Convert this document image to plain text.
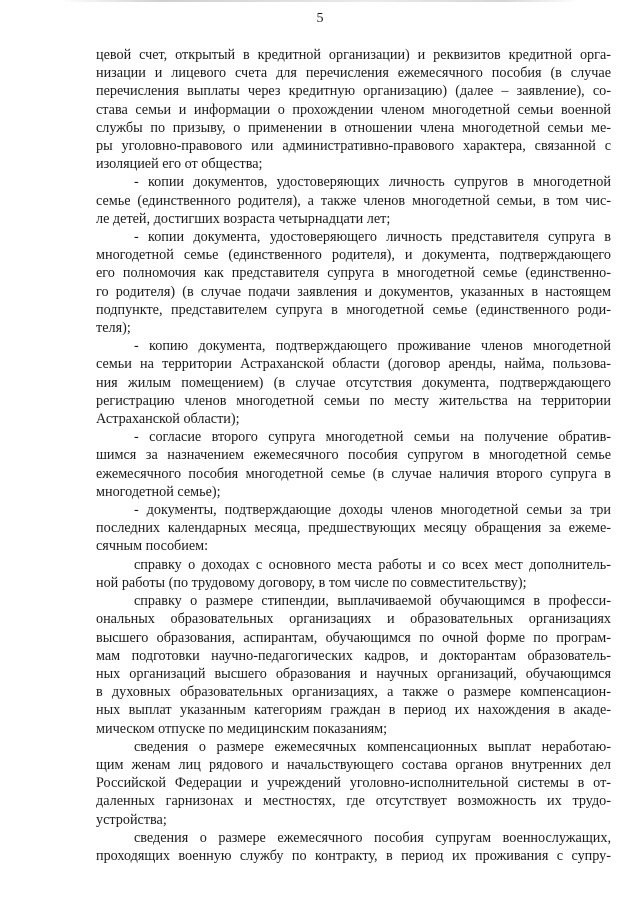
5
цевой счет, открытый в кредитной организации) и реквизитов кредитной орга-
низации и лицевого счета для перечисления ежемесячного пособия (в случае
перечисления выплаты через кредитную организацию) (далее – заявление), со-
става семьи и информации о прохождении членом многодетной семьи военной
службы по призыву, о применении в отношении члена многодетной семьи ме-
ры уголовно-правового или административно-правового характера, связанной с
изоляцией его от общества;
- копии документов, удостоверяющих личность супругов в многодетной
семье (единственного родителя), а также членов многодетной семьи, в том чис-
ле детей, достигших возраста четырнадцати лет;
- копии документа, удостоверяющего личность представителя супруга в
многодетной семье (единственного родителя), и документа, подтверждающего
его полномочия как представителя супруга в многодетной семье (единственно-
го родителя) (в случае подачи заявления и документов, указанных в настоящем
подпункте, представителем супруга в многодетной семье (единственного роди-
теля);
- копию документа, подтверждающего проживание членов многодетной
семьи на территории Астраханской области (договор аренды, найма, пользова-
ния жилым помещением) (в случае отсутствия документа, подтверждающего
регистрацию членов многодетной семьи по месту жительства на территории
Астраханской области);
- согласие второго супруга многодетной семьи на получение обратив-
шимся за назначением ежемесячного пособия супругом в многодетной семье
ежемесячного пособия многодетной семье (в случае наличия второго супруга в
многодетной семье);
- документы, подтверждающие доходы членов многодетной семьи за три
последних календарных месяца, предшествующих месяцу обращения за ежеме-
сячным пособием:
справку о доходах с основного места работы и со всех мест дополнитель-
ной работы (по трудовому договору, в том числе по совместительству);
справку о размере стипендии, выплачиваемой обучающимся в професси-
ональных образовательных организациях и образовательных организациях
высшего образования, аспирантам, обучающимся по очной форме по програм-
мам подготовки научно-педагогических кадров, и докторантам образователь-
ных организаций высшего образования и научных организаций, обучающимся
в духовных образовательных организациях, а также о размере компенсацион-
ных выплат указанным категориям граждан в период их нахождения в акаде-
мическом отпуске по медицинским показаниям;
сведения о размере ежемесячных компенсационных выплат неработаю-
щим женам лиц рядового и начальствующего состава органов внутренних дел
Российской Федерации и учреждений уголовно-исполнительной системы в от-
даленных гарнизонах и местностях, где отсутствует возможность их трудо-
устройства;
сведения о размере ежемесячного пособия супругам военнослужащих,
проходящих военную службу по контракту, в период их проживания с супру-
